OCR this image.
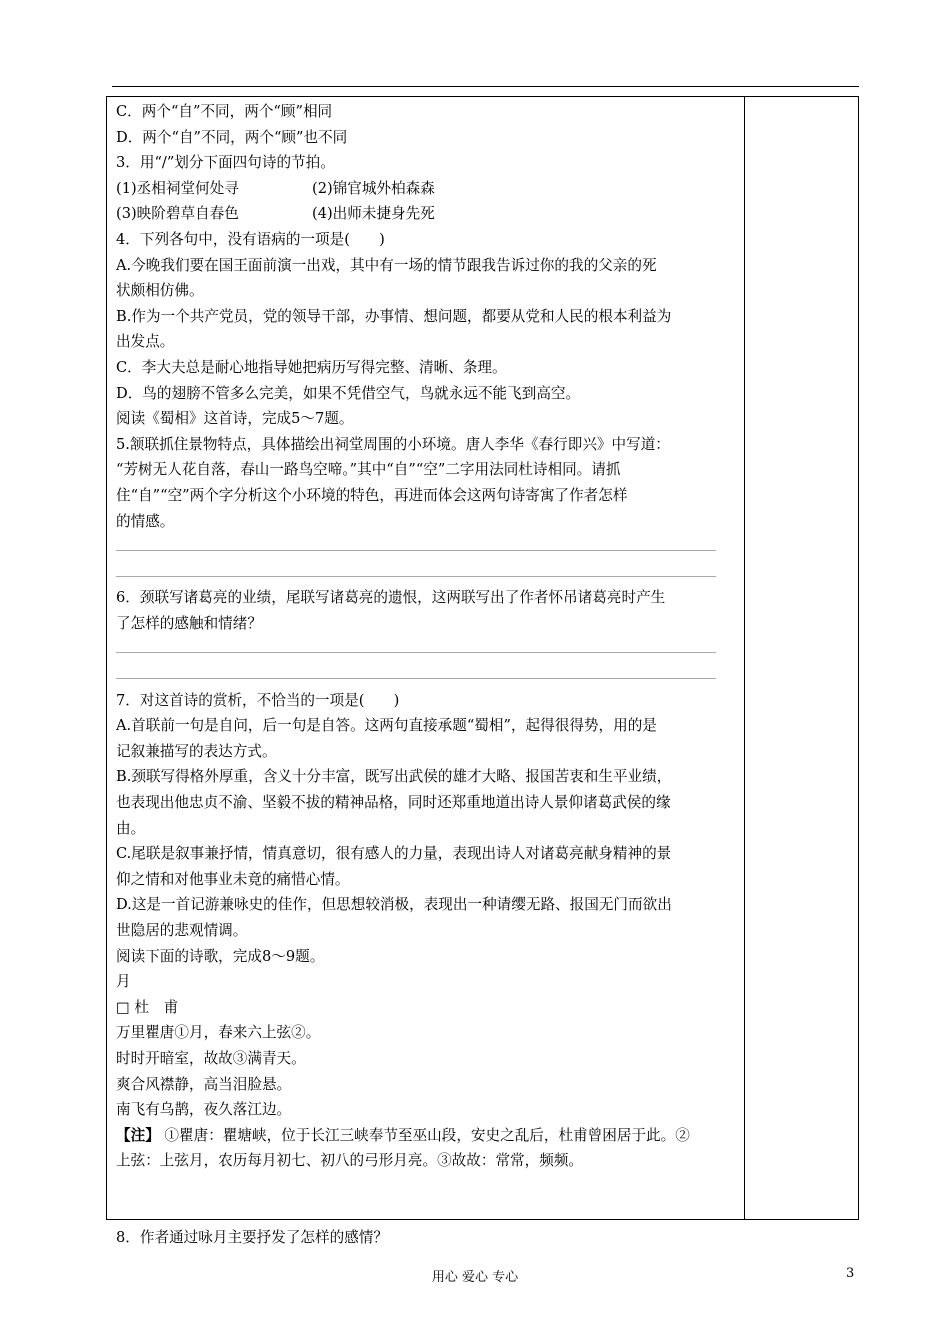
C．两个“自”不同，两个“顾”相同

D．两个“自”不同，两个“顾”也不同

3．用“/”划分下面四句诗的节拍。

(1)丞相祠堂何处寻	(2)锦官城外柏森森

(3)映阶碧草自春色	(4)出师未捷身先死

4．下列各句中，没有语病的一项是(　　)

A.今晚我们要在国王面前演一出戏，其中有一场的情节跟我告诉过你的我的父亲的死

状颇相仿佛。

B.作为一个共产党员，党的领导干部，办事情、想问题，都要从党和人民的根本利益为

出发点。

C．李大夫总是耐心地指导她把病历写得完整、清晰、条理。

D．鸟的翅膀不管多么完美，如果不凭借空气，鸟就永远不能飞到高空。

阅读《蜀相》这首诗，完成5～7题。

5.颔联抓住景物特点，具体描绘出祠堂周围的小环境。唐人李华《春行即兴》中写道：

“芳树无人花自落，春山一路鸟空啼。”其中“自”“空”二字用法同杜诗相同。请抓

住“自”“空”两个字分析这个小环境的特色，再进而体会这两句诗寄寓了作者怎样

的情感。

6．颈联写诸葛亮的业绩，尾联写诸葛亮的遗恨，这两联写出了作者怀吊诸葛亮时产生

了怎样的感触和情绪？

7．对这首诗的赏析，不恰当的一项是(　　)

A.首联前一句是自问，后一句是自答。这两句直接承题“蜀相”，起得很得势，用的是

记叙兼描写的表达方式。

B.颈联写得格外厚重，含义十分丰富，既写出武侯的雄才大略、报国苦衷和生平业绩，

也表现出他忠贞不渝、坚毅不拔的精神品格，同时还郑重地道出诗人景仰诸葛武侯的缘

由。

C.尾联是叙事兼抒情，情真意切，很有感人的力量，表现出诗人对诸葛亮献身精神的景

仰之情和对他事业未竟的痛惜心情。

D.这是一首记游兼咏史的佳作，但思想较消极，表现出一种请缨无路、报国无门而欲出

世隐居的悲观情调。

阅读下面的诗歌，完成8～9题。

月

□ 杜　甫

万里瞿唐①月，春来六上弦②。

时时开暗室，故故③满青天。

爽合风襟静，高当泪脸悬。

南飞有乌鹊，夜久落江边。

【注】 ①瞿唐：瞿塘峡，位于长江三峡奉节至巫山段，安史之乱后，杜甫曾困居于此。②

上弦：上弦月，农历每月初七、初八的弓形月亮。③故故：常常，频频。

8．作者通过咏月主要抒发了怎样的感情？

用心 爱心 专心	3
